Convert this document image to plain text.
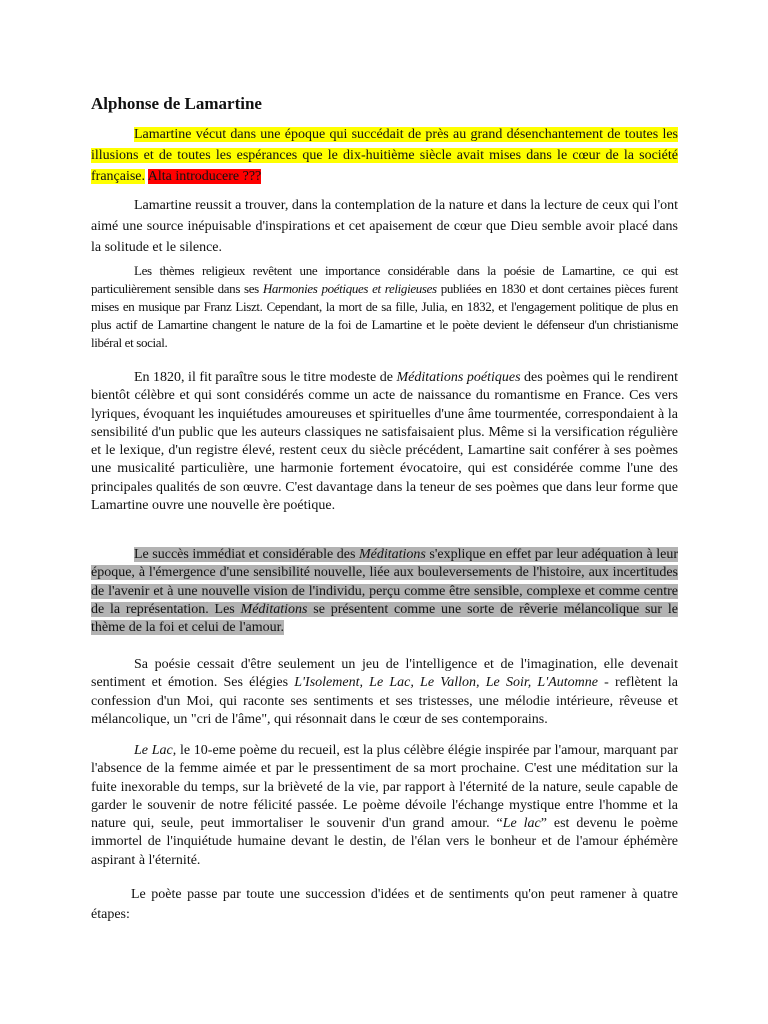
Alphonse de Lamartine

Lamartine vécut dans une époque qui succédait de près au grand désenchantement de toutes les illusions et de toutes les espérances que le dix-huitième siècle avait mises dans le cœur de la société française. Alta introducere ???

Lamartine reussit a trouver, dans la contemplation de la nature et dans la lecture de ceux qui l'ont aimé une source inépuisable d'inspirations et cet apaisement de cœur que Dieu semble avoir placé dans la solitude et le silence.

Les thèmes religieux revêtent une importance considérable dans la poésie de Lamartine, ce qui est particulièrement sensible dans ses Harmonies poétiques et religieuses publiées en 1830 et dont certaines pièces furent mises en musique par Franz Liszt. Cependant, la mort de sa fille, Julia, en 1832, et l'engagement politique de plus en plus actif de Lamartine changent le nature de la foi de Lamartine et le poète devient le défenseur d'un christianisme libéral et social.

En 1820, il fit paraître sous le titre modeste de Méditations poétiques des poèmes qui le rendirent bientôt célèbre et qui sont considérés comme un acte de naissance du romantisme en France. Ces vers lyriques, évoquant les inquiétudes amoureuses et spirituelles d'une âme tourmentée, correspondaient à la sensibilité d'un public que les auteurs classiques ne satisfaisaient plus. Même si la versification régulière et le lexique, d'un registre élevé, restent ceux du siècle précédent, Lamartine sait conférer à ses poèmes une musicalité particulière, une harmonie fortement évocatoire, qui est considérée comme l'une des principales qualités de son œuvre. C'est davantage dans la teneur de ses poèmes que dans leur forme que Lamartine ouvre une nouvelle ère poétique.

Le succès immédiat et considérable des Méditations s'explique en effet par leur adéquation à leur époque, à l'émergence d'une sensibilité nouvelle, liée aux bouleversements de l'histoire, aux incertitudes de l'avenir et à une nouvelle vision de l'individu, perçu comme être sensible, complexe et comme centre de la représentation. Les Méditations se présentent comme une sorte de rêverie mélancolique sur le thème de la foi et celui de l'amour.

Sa poésie cessait d'être seulement un jeu de l'intelligence et de l'imagination, elle devenait sentiment et émotion. Ses élégies L'Isolement, Le Lac, Le Vallon, Le Soir, L'Automne - reflètent la confession d'un Moi, qui raconte ses sentiments et ses tristesses, une mélodie intérieure, rêveuse et mélancolique, un "cri de l'âme", qui résonnait dans le cœur de ses contemporains.

Le Lac, le 10-eme poème du recueil, est la plus célèbre élégie inspirée par l'amour, marquant par l'absence de la femme aimée et par le pressentiment de sa mort prochaine. C'est une méditation sur la fuite inexorable du temps, sur la brièveté de la vie, par rapport à l'éternité de la nature, seule capable de garder le souvenir de notre félicité passée. Le poème dévoile l'échange mystique entre l'homme et la nature qui, seule, peut immortaliser le souvenir d'un grand amour. “Le lac” est devenu le poème immortel de l'inquiétude humaine devant le destin, de l'élan vers le bonheur et de l'amour éphémère aspirant à l'éternité.

Le poète passe par toute une succession d'idées et de sentiments qu'on peut ramener à quatre étapes:
